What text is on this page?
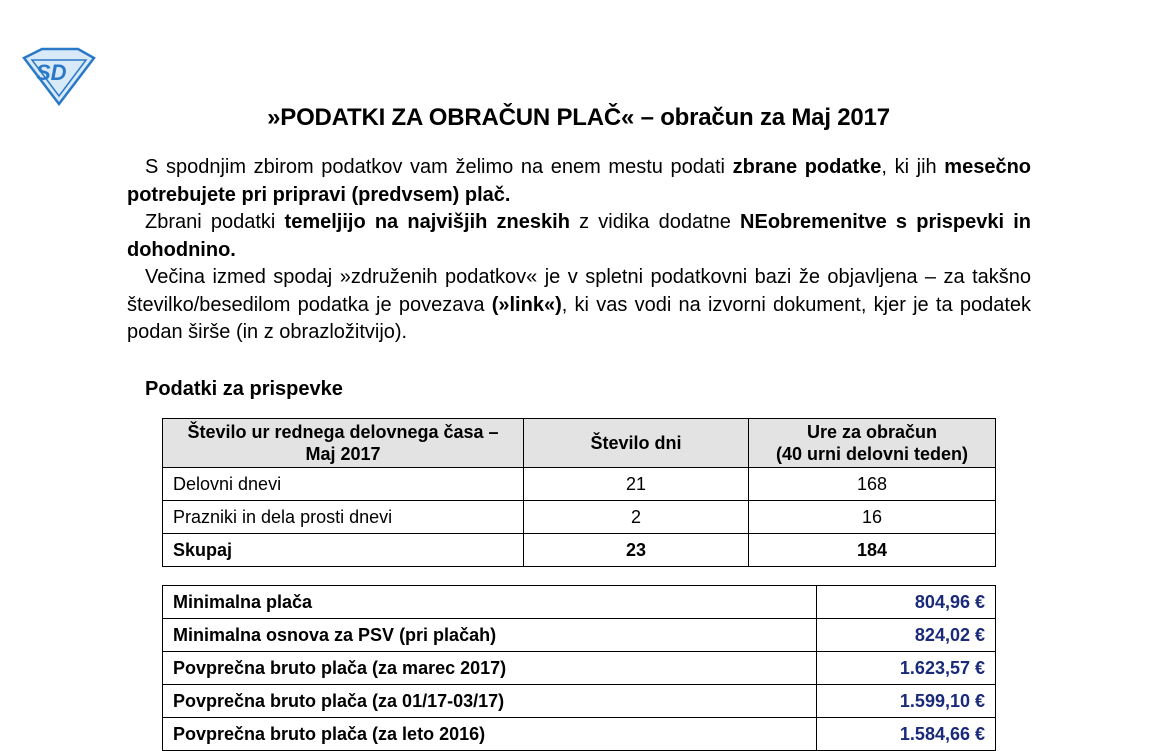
SD
»PODATKI ZA OBRAČUN PLAČ« – obračun za Maj 2017

S spodnjim zbirom podatkov vam želimo na enem mestu podati zbrane podatke, ki jih mesečno potrebujete pri pripravi (predvsem) plač.

Zbrani podatki temeljijo na najvišjih zneskih z vidika dodatne NEobremenitve s prispevki in dohodnino.

Večina izmed spodaj »združenih podatkov« je v spletni podatkovni bazi že objavljena – za takšno številko/besedilom podatka je povezava (»link«), ki vas vodi na izvorni dokument, kjer je ta podatek podan širše (in z obrazložitvijo).

Podatki za prispevke
Število ur rednega delovnega časa – Maj 2017	Število dni	Ure za obračun
(40 urni delovni teden)
Delovni dnevi	21	168
Prazniki in dela prosti dnevi	2	16
Skupaj	23	184
Minimalna plača	804,96 €
Minimalna osnova za PSV (pri plačah)	824,02 €
Povprečna bruto plača (za marec 2017)	1.623,57 €
Povprečna bruto plača (za 01/17-03/17)	1.599,10 €
Povprečna bruto plača (za leto 2016)	1.584,66 €
